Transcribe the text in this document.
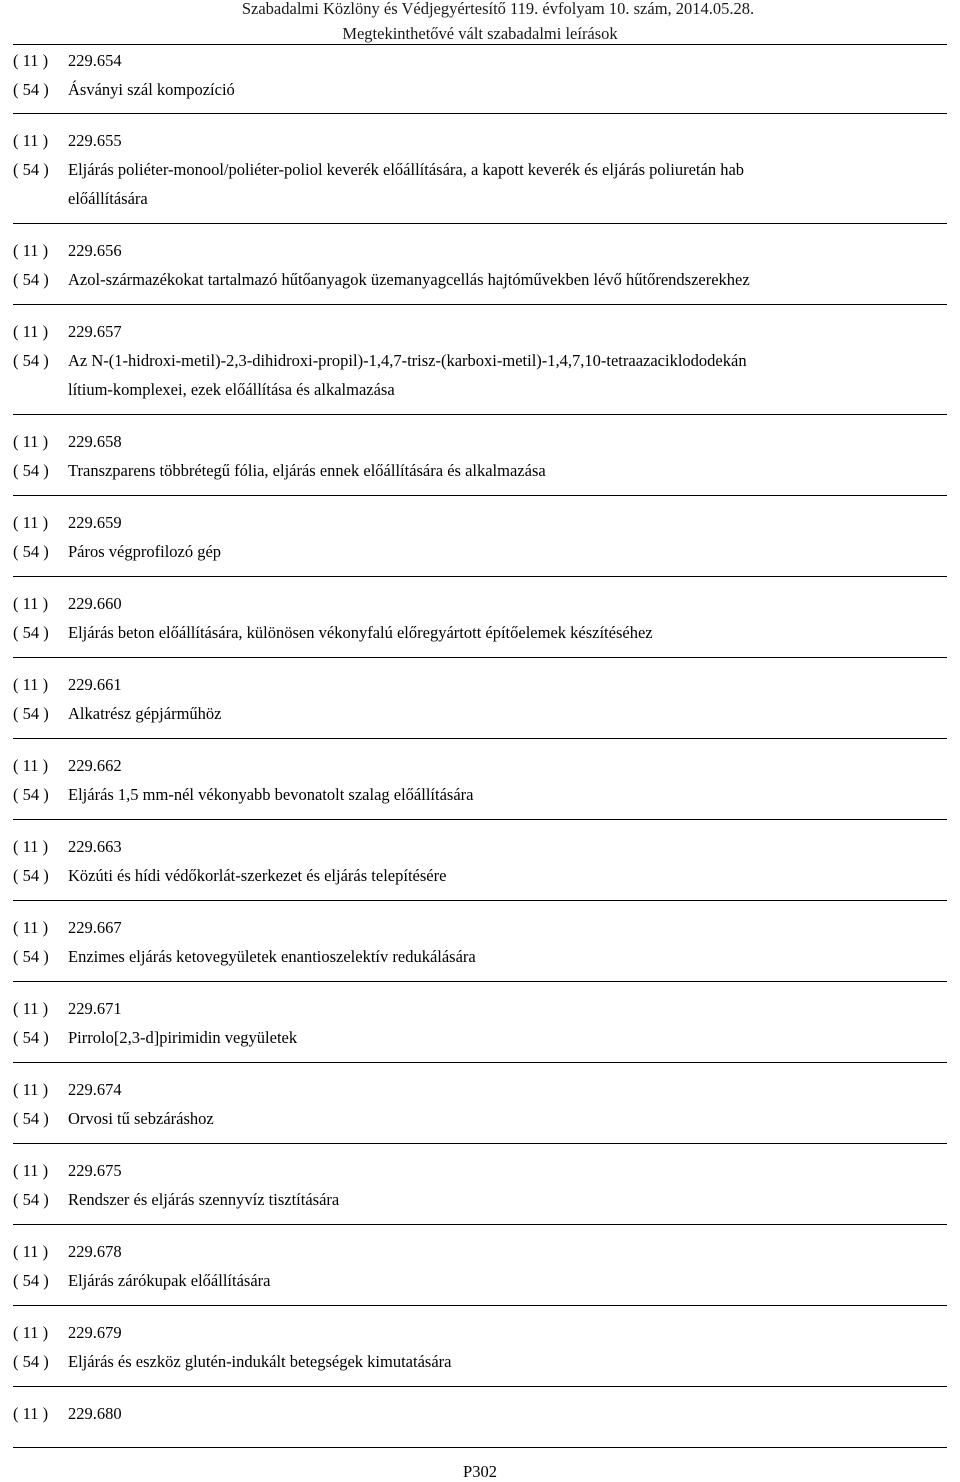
Szabadalmi Közlöny és Védjegyértesítő 119. évfolyam 10. szám, 2014.05.28.
Megtekinthetővé vált szabadalmi leírások
( 11 ) 229.654
( 54 ) Ásványi szál kompozíció
( 11 ) 229.655
( 54 ) Eljárás poliéter-monool/poliéter-poliol keverék előállítására, a kapott keverék és eljárás poliuretán hab
előállítására
( 11 ) 229.656
( 54 ) Azol-származékokat tartalmazó hűtőanyagok üzemanyagcellás hajtóművekben lévő hűtőrendszerekhez
( 11 ) 229.657
( 54 ) Az N-(1-hidroxi-metil)-2,3-dihidroxi-propil)-1,4,7-trisz-(karboxi-metil)-1,4,7,10-tetraazaciklododekán
lítium-komplexei, ezek előállítása és alkalmazása
( 11 ) 229.658
( 54 ) Transzparens többrétegű fólia, eljárás ennek előállítására és alkalmazása
( 11 ) 229.659
( 54 ) Páros végprofilozó gép
( 11 ) 229.660
( 54 ) Eljárás beton előállítására, különösen vékonyfalú előregyártott építőelemek készítéséhez
( 11 ) 229.661
( 54 ) Alkatrész gépjárműhöz
( 11 ) 229.662
( 54 ) Eljárás 1,5 mm-nél vékonyabb bevonatolt szalag előállítására
( 11 ) 229.663
( 54 ) Közúti és hídi védőkorlát-szerkezet és eljárás telepítésére
( 11 ) 229.667
( 54 ) Enzimes eljárás ketovegyületek enantioszelektív redukálására
( 11 ) 229.671
( 54 ) Pirrolo[2,3-d]pirimidin vegyületek
( 11 ) 229.674
( 54 ) Orvosi tű sebzáráshoz
( 11 ) 229.675
( 54 ) Rendszer és eljárás szennyvíz tisztítására
( 11 ) 229.678
( 54 ) Eljárás zárókupak előállítására
( 11 ) 229.679
( 54 ) Eljárás és eszköz glutén-indukált betegségek kimutatására
( 11 ) 229.680
P302
